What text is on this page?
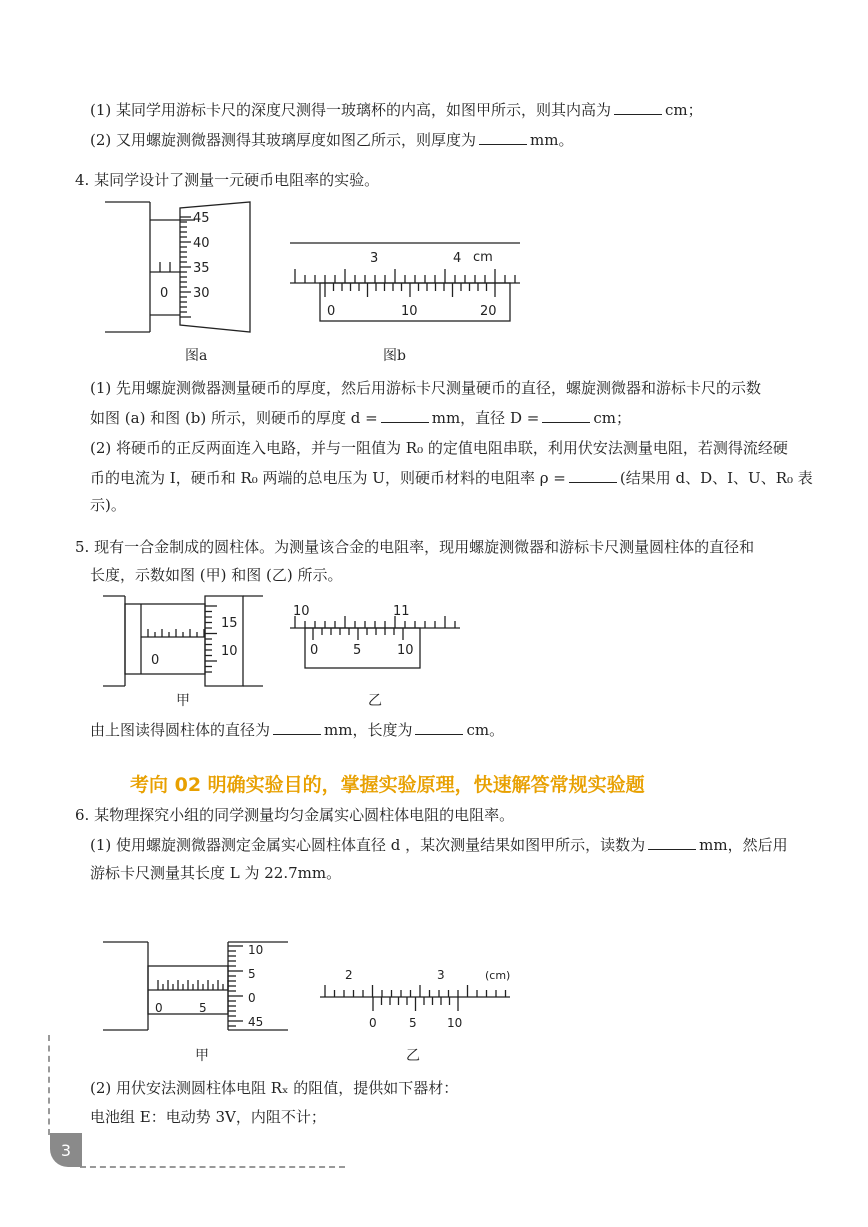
(1) 某同学用游标卡尺的深度尺测得一玻璃杯的内高，如图甲所示，则其内高为	cm；
(2) 又用螺旋测微器测得其玻璃厚度如图乙所示，则厚度为	mm。
4. 某同学设计了测量一元硬币电阻率的实验。
45
40
35
30
0
图a
3	4 cm
0	10	20
图b
(1) 先用螺旋测微器测量硬币的厚度，然后用游标卡尺测量硬币的直径，螺旋测微器和游标卡尺的示数
如图 (a) 和图 (b) 所示，则硬币的厚度 d =	mm，直径 D =	cm；
(2) 将硬币的正反两面连入电路，并与一阻值为 R₀ 的定值电阻串联，利用伏安法测量电阻，若测得流经硬
币的电流为 I，硬币和 R₀ 两端的总电压为 U，则硬币材料的电阻率 ρ =	(结果用 d、D、I、U、R₀ 表
示)。
5. 现有一合金制成的圆柱体。为测量该合金的电阻率，现用螺旋测微器和游标卡尺测量圆柱体的直径和
长度，示数如图 (甲) 和图 (乙) 所示。
15
10
0
甲
10	11
0	5	10
乙
由上图读得圆柱体的直径为	mm，长度为	cm。
考向 02 明确实验目的，掌握实验原理，快速解答常规实验题
6. 某物理探究小组的同学测量均匀金属实心圆柱体电阻的电阻率。
(1) 使用螺旋测微器测定金属实心圆柱体直径 d ，某次测量结果如图甲所示，读数为	mm，然后用
游标卡尺测量其长度 L 为 22.7mm。
10
5
0
45
0	5
甲
2	3	(cm)
0	5	10
乙
(2) 用伏安法测圆柱体电阻 Rₓ 的阻值，提供如下器材：
电池组 E：电动势 3V，内阻不计；
3
